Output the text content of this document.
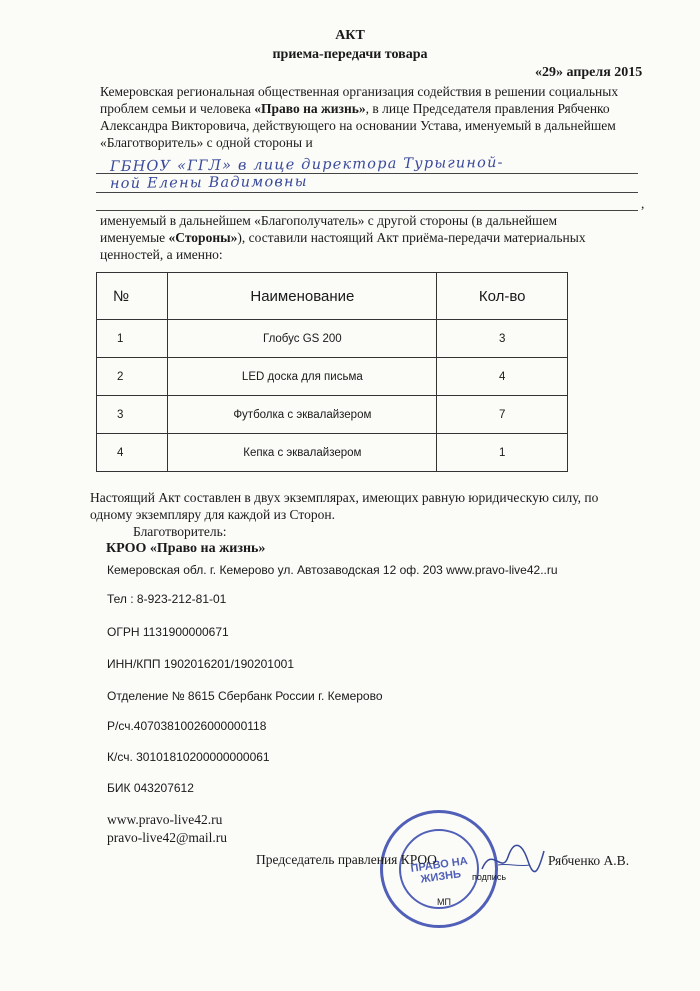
АКТ
приема-передачи товара
«29» апреля 2015
Кемеровская региональная общественная организация содействия в решении социальных
проблем семьи и человека «Право на жизнь», в лице Председателя правления Рябченко
Александра Викторовича, действующего на основании Устава, именуемый в дальнейшем
«Благотворитель» с одной стороны и
ГБНОУ «ГГЛ» в лице директора Турыгиной-
ной Елены Вадимовны
,
именуемый в дальнейшем «Благополучатель» с другой стороны (в дальнейшем
именуемые «Стороны»), составили настоящий Акт приёма-передачи материальных
ценностей, а именно:
№	Наименование	Кол-во
1	Глобус GS 200	3
2	LED доска для письма	4
3	Футболка с эквалайзером	7
4	Кепка с эквалайзером	1
Настоящий Акт составлен в двух экземплярах, имеющих равную юридическую силу, по
одному экземпляру для каждой из Сторон.
Благотворитель:
КРОО «Право на жизнь»
Кемеровская обл. г. Кемерово ул. Автозаводская 12 оф. 203 www.pravo-live42..ru
Тел : 8-923-212-81-01
ОГРН 1131900000671
ИНН/КПП 1902016201/190201001
Отделение № 8615 Сбербанк России г. Кемерово
Р/сч.40703810026000000118
К/сч. 30101810200000000061
БИК 043207612
www.pravo-live42.ru
pravo-live42@mail.ru
ПРАВО НА ЖИЗНЬ
Председатель правления КРОО	Рябченко А.В.
подпись
МП
